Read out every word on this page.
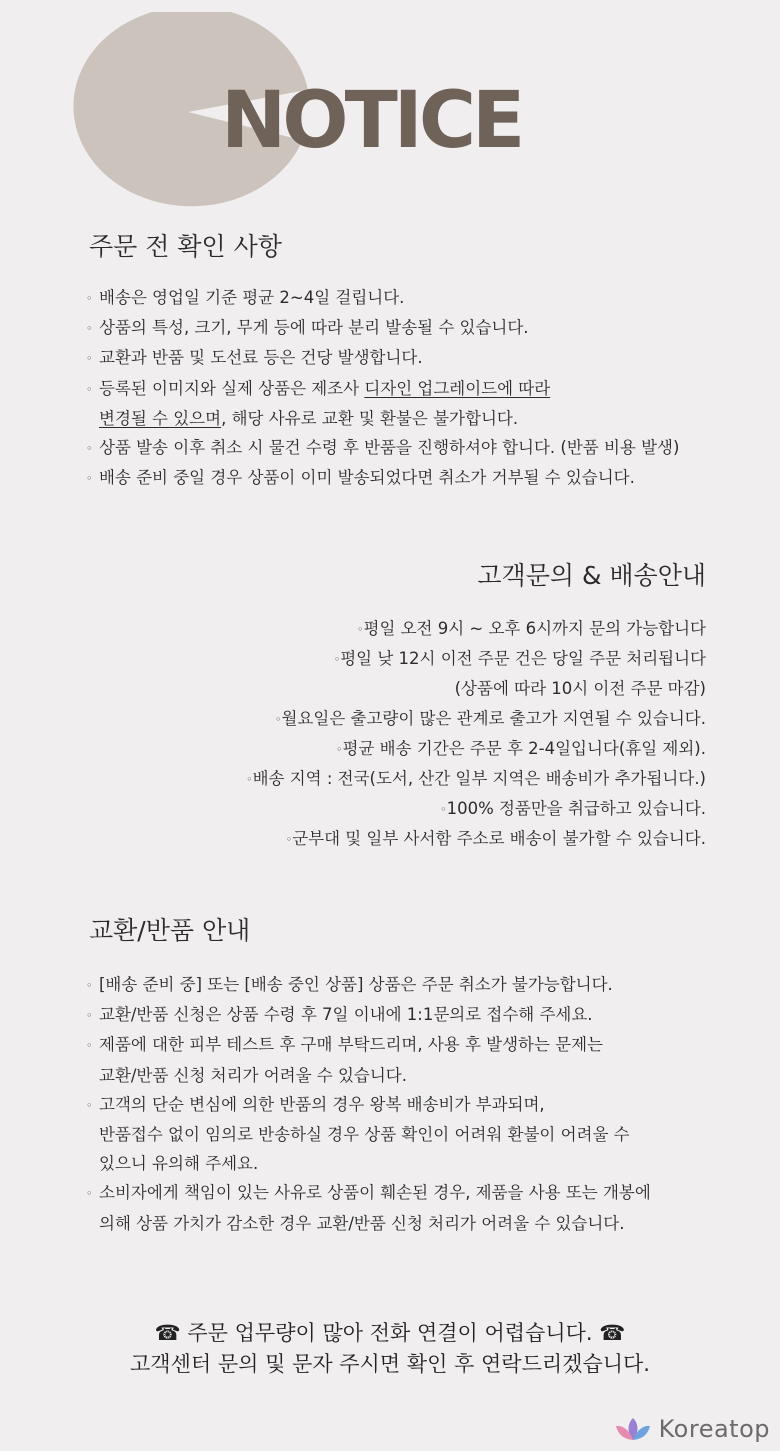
NOTICE
주문 전 확인 사항
◦ 배송은 영업일 기준 평균 2~4일 걸립니다.
◦ 상품의 특성, 크기, 무게 등에 따라 분리 발송될 수 있습니다.
◦ 교환과 반품 및 도선료 등은 건당 발생합니다.
◦ 등록된 이미지와 실제 상품은 제조사 디자인 업그레이드에 따라
변경될 수 있으며, 해당 사유로 교환 및 환불은 불가합니다.
◦ 상품 발송 이후 취소 시 물건 수령 후 반품을 진행하셔야 합니다. (반품 비용 발생)
◦ 배송 준비 중일 경우 상품이 이미 발송되었다면 취소가 거부될 수 있습니다.
고객문의 & 배송안내
◦평일 오전 9시 ~ 오후 6시까지 문의 가능합니다
◦평일 낮 12시 이전 주문 건은 당일 주문 처리됩니다
(상품에 따라 10시 이전 주문 마감)
◦월요일은 출고량이 많은 관계로 출고가 지연될 수 있습니다.
◦평균 배송 기간은 주문 후 2-4일입니다(휴일 제외).
◦배송 지역 : 전국(도서, 산간 일부 지역은 배송비가 추가됩니다.)
◦100% 정품만을 취급하고 있습니다.
◦군부대 및 일부 사서함 주소로 배송이 불가할 수 있습니다.
교환/반품 안내
◦ [배송 준비 중] 또는 [배송 중인 상품] 상품은 주문 취소가 불가능합니다.
◦ 교환/반품 신청은 상품 수령 후 7일 이내에 1:1문의로 접수해 주세요.
◦ 제품에 대한 피부 테스트 후 구매 부탁드리며, 사용 후 발생하는 문제는
교환/반품 신청 처리가 어려울 수 있습니다.
◦ 고객의 단순 변심에 의한 반품의 경우 왕복 배송비가 부과되며,
반품접수 없이 임의로 반송하실 경우 상품 확인이 어려워 환불이 어려울 수
있으니 유의해 주세요.
◦ 소비자에게 책임이 있는 사유로 상품이 훼손된 경우, 제품을 사용 또는 개봉에
의해 상품 가치가 감소한 경우 교환/반품 신청 처리가 어려울 수 있습니다.
☎ 주문 업무량이 많아 전화 연결이 어렵습니다. ☎
고객센터 문의 및 문자 주시면 확인 후 연락드리겠습니다.
Koreatop
